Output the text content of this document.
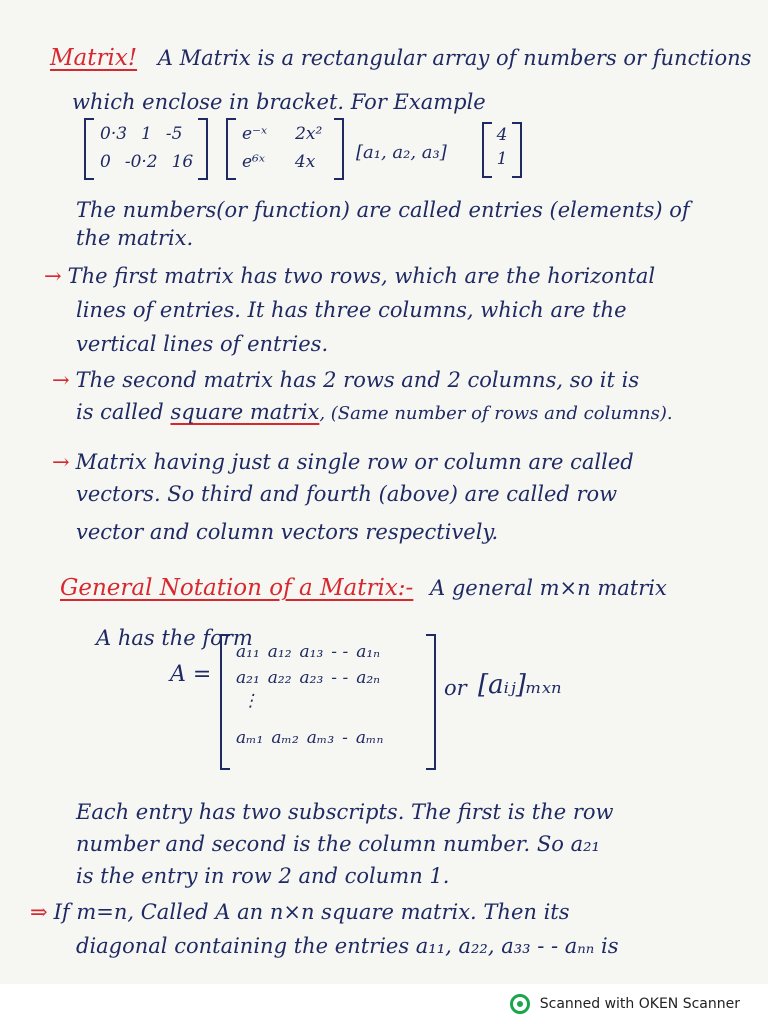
Matrix! A Matrix is a rectangular array of numbers or functions
which enclose in bracket. For Example
0·3 1 -5
0 -0·2 16
e⁻ˣ 2x²
e⁶ˣ 4x [a₁, a₂, a₃]
4
1
The numbers(or function) are called entries (elements) of
the matrix.
→ The first matrix has two rows, which are the horizontal
lines of entries. It has three columns, which are the
vertical lines of entries.
→ The second matrix has 2 rows and 2 columns, so it is
is called square matrix, (Same number of rows and columns).
→ Matrix having just a single row or column are called
vectors. So third and fourth (above) are called row
vector and column vectors respectively.
General Notation of a Matrix:- A general m×n matrix
A has the form
A =
a₁₁ a₁₂ a₁₃ - - a₁ₙ
a₂₁ a₂₂ a₂₃ - - a₂ₙ
⋮
aₘ₁ aₘ₂ aₘ₃ - aₘₙ
or [aᵢⱼ]ₘₓₙ
Each entry has two subscripts. The first is the row
number and second is the column number. So a₂₁
is the entry in row 2 and column 1.
⇒ If m=n, Called A an n×n square matrix. Then its
diagonal containing the entries a₁₁, a₂₂, a₃₃ - - aₙₙ is
Scanned with OKEN Scanner
